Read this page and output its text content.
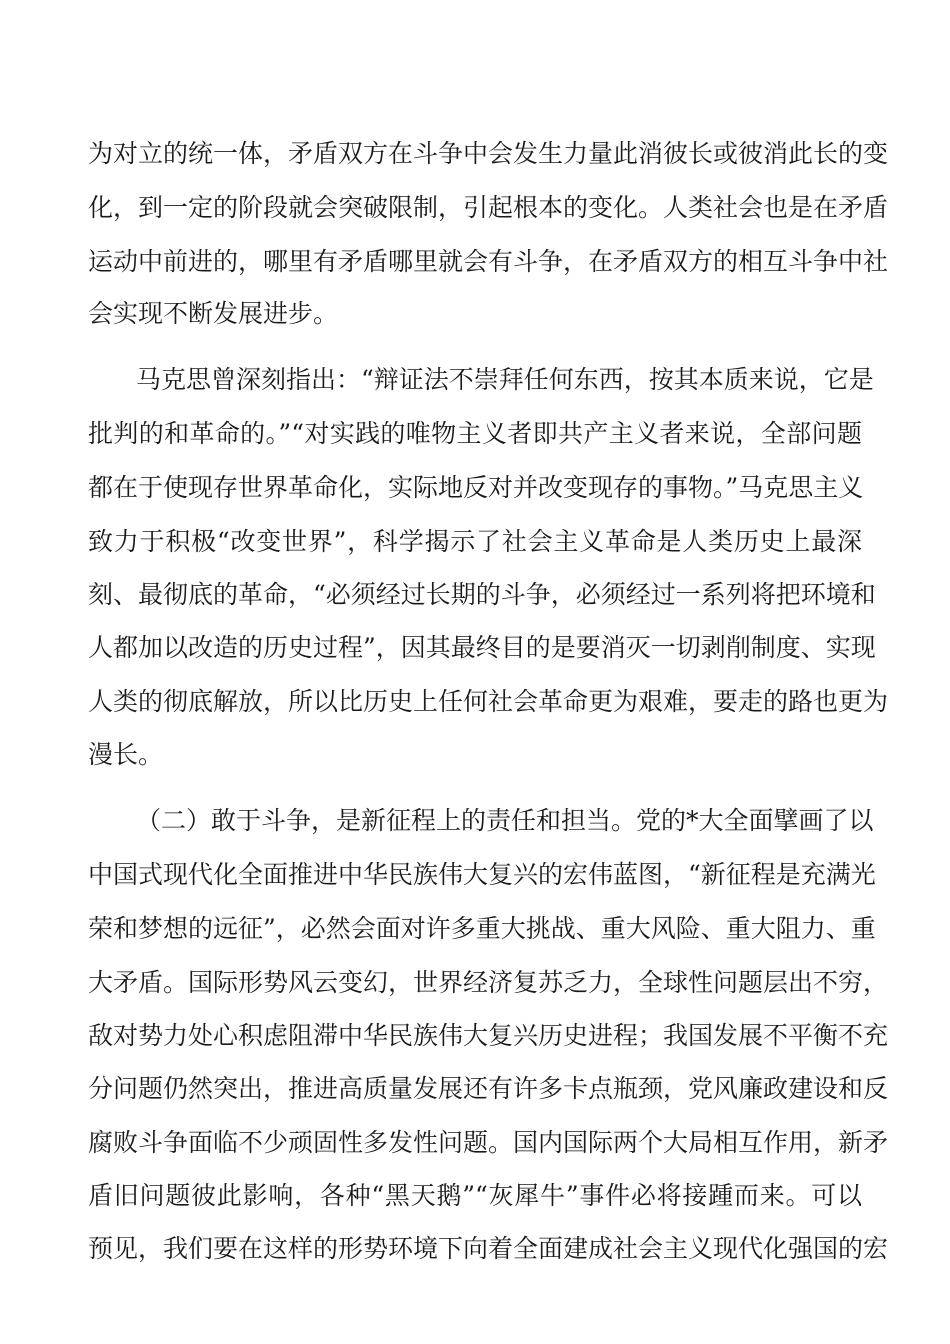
为对立的统一体，矛盾双方在斗争中会发生力量此消彼长或彼消此长的变
化，到一定的阶段就会突破限制，引起根本的变化。人类社会也是在矛盾
运动中前进的，哪里有矛盾哪里就会有斗争，在矛盾双方的相互斗争中社
会实现不断发展进步。
马克思曾深刻指出：“辩证法不崇拜任何东西，按其本质来说，它是
批判的和革命的。”“对实践的唯物主义者即共产主义者来说，全部问题
都在于使现存世界革命化，实际地反对并改变现存的事物。”马克思主义
致力于积极“改变世界”，科学揭示了社会主义革命是人类历史上最深
刻、最彻底的革命，“必须经过长期的斗争，必须经过一系列将把环境和
人都加以改造的历史过程”，因其最终目的是要消灭一切剥削制度、实现
人类的彻底解放，所以比历史上任何社会革命更为艰难，要走的路也更为
漫长。
（二）敢于斗争，是新征程上的责任和担当。党的*大全面擘画了以
中国式现代化全面推进中华民族伟大复兴的宏伟蓝图，“新征程是充满光
荣和梦想的远征”，必然会面对许多重大挑战、重大风险、重大阻力、重
大矛盾。国际形势风云变幻，世界经济复苏乏力，全球性问题层出不穷，
敌对势力处心积虑阻滞中华民族伟大复兴历史进程；我国发展不平衡不充
分问题仍然突出，推进高质量发展还有许多卡点瓶颈，党风廉政建设和反
腐败斗争面临不少顽固性多发性问题。国内国际两个大局相互作用，新矛
盾旧问题彼此影响，各种“黑天鹅”“灰犀牛”事件必将接踵而来。可以
预见，我们要在这样的形势环境下向着全面建成社会主义现代化强国的宏
